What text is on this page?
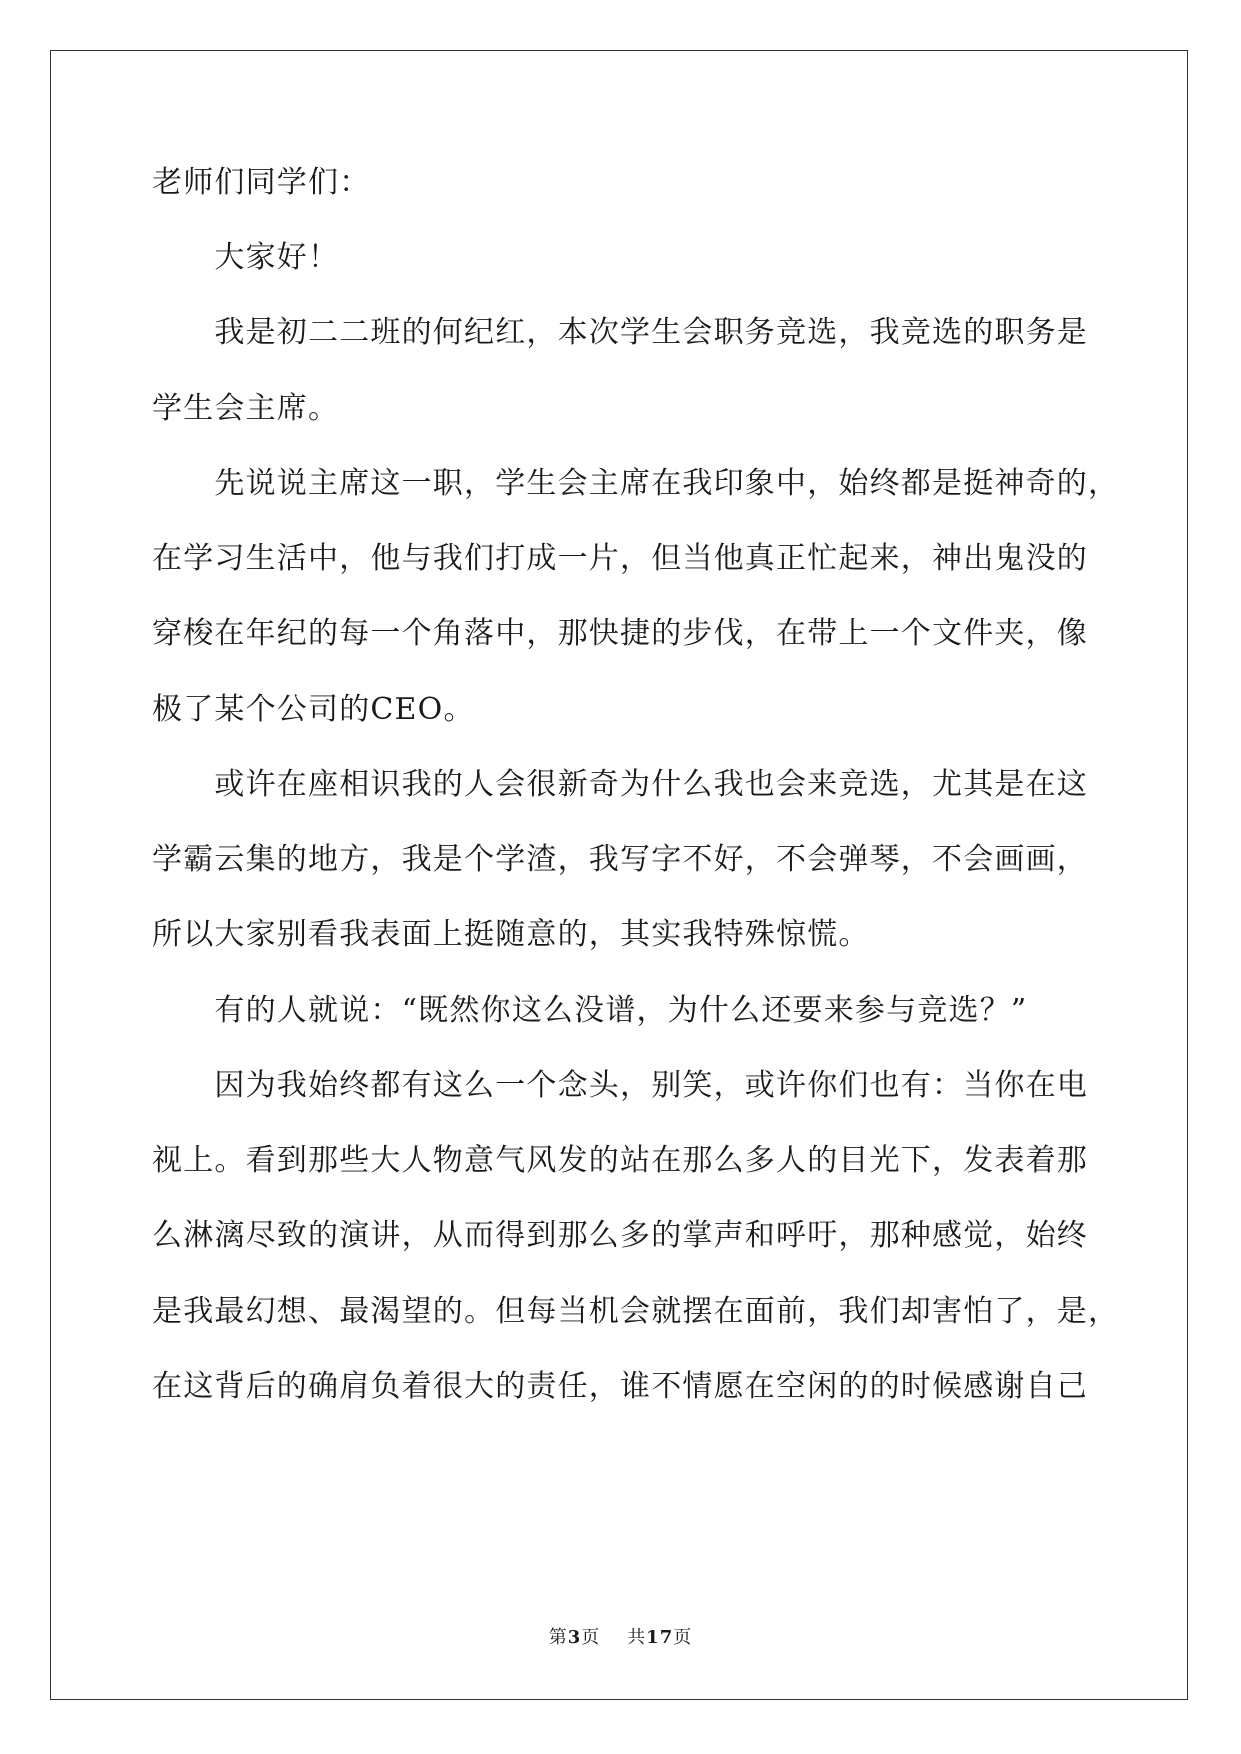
老师们同学们：
　　大家好！
　　我是初二二班的何纪红，本次学生会职务竞选，我竞选的职务是
学生会主席。
　　先说说主席这一职，学生会主席在我印象中，始终都是挺神奇的，
在学习生活中，他与我们打成一片，但当他真正忙起来，神出鬼没的
穿梭在年纪的每一个角落中，那快捷的步伐，在带上一个文件夹，像
极了某个公司的CEO。
　　或许在座相识我的人会很新奇为什么我也会来竞选，尤其是在这
学霸云集的地方，我是个学渣，我写字不好，不会弹琴，不会画画，
所以大家别看我表面上挺随意的，其实我特殊惊慌。
　　有的人就说：“既然你这么没谱，为什么还要来参与竞选？”
　　因为我始终都有这么一个念头，别笑，或许你们也有：当你在电
视上。看到那些大人物意气风发的站在那么多人的目光下，发表着那
么淋漓尽致的演讲，从而得到那么多的掌声和呼吁，那种感觉，始终
是我最幻想、最渴望的。但每当机会就摆在面前，我们却害怕了，是，
在这背后的确肩负着很大的责任，谁不情愿在空闲的的时候感谢自己
第3页 共17页
